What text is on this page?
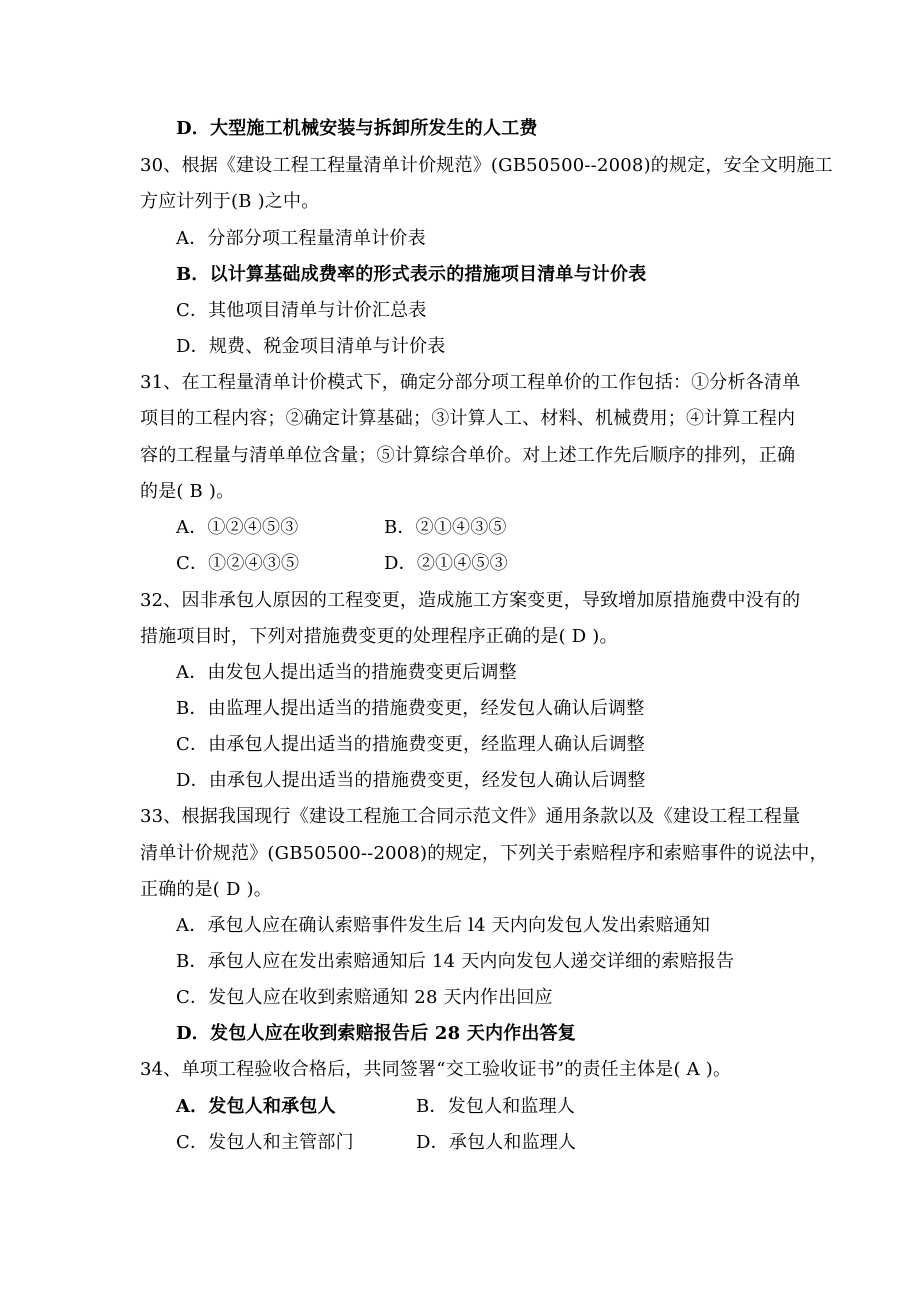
D．大型施工机械安装与拆卸所发生的人工费
30、根据《建设工程工程量清单计价规范》(GB50500--2008)的规定，安全文明施工
方应计列于(B )之中。
A．分部分项工程量清单计价表
B．以计算基础成费率的形式表示的措施项目清单与计价表
C．其他项目清单与计价汇总表
D．规费、税金项目清单与计价表
31、在工程量清单计价模式下，确定分部分项工程单价的工作包括：①分析各清单
项目的工程内容；②确定计算基础；③计算人工、材料、机械费用；④计算工程内
容的工程量与清单单位含量；⑤计算综合单价。对上述工作先后顺序的排列，正确
的是( B )。
A．①②④⑤③	B．②①④③⑤
C．①②④③⑤	D．②①④⑤③
32、因非承包人原因的工程变更，造成施工方案变更，导致增加原措施费中没有的
措施项目时，下列对措施费变更的处理程序正确的是( D )。
A．由发包人提出适当的措施费变更后调整
B．由监理人提出适当的措施费变更，经发包人确认后调整
C．由承包人提出适当的措施费变更，经监理人确认后调整
D．由承包人提出适当的措施费变更，经发包人确认后调整
33、根据我国现行《建设工程施工合同示范文件》通用条款以及《建设工程工程量
清单计价规范》(GB50500--2008)的规定，下列关于索赔程序和索赔事件的说法中，
正确的是( D )。
A．承包人应在确认索赔事件发生后 l4 天内向发包人发出索赔通知
B．承包人应在发出索赔通知后 14 天内向发包人递交详细的索赔报告
C．发包人应在收到索赔通知 28 天内作出回应
D．发包人应在收到索赔报告后 28 天内作出答复
34、单项工程验收合格后，共同签署“交工验收证书”的责任主体是( A )。
A．发包人和承包人	B．发包人和监理人
C．发包人和主管部门	D．承包人和监理人
